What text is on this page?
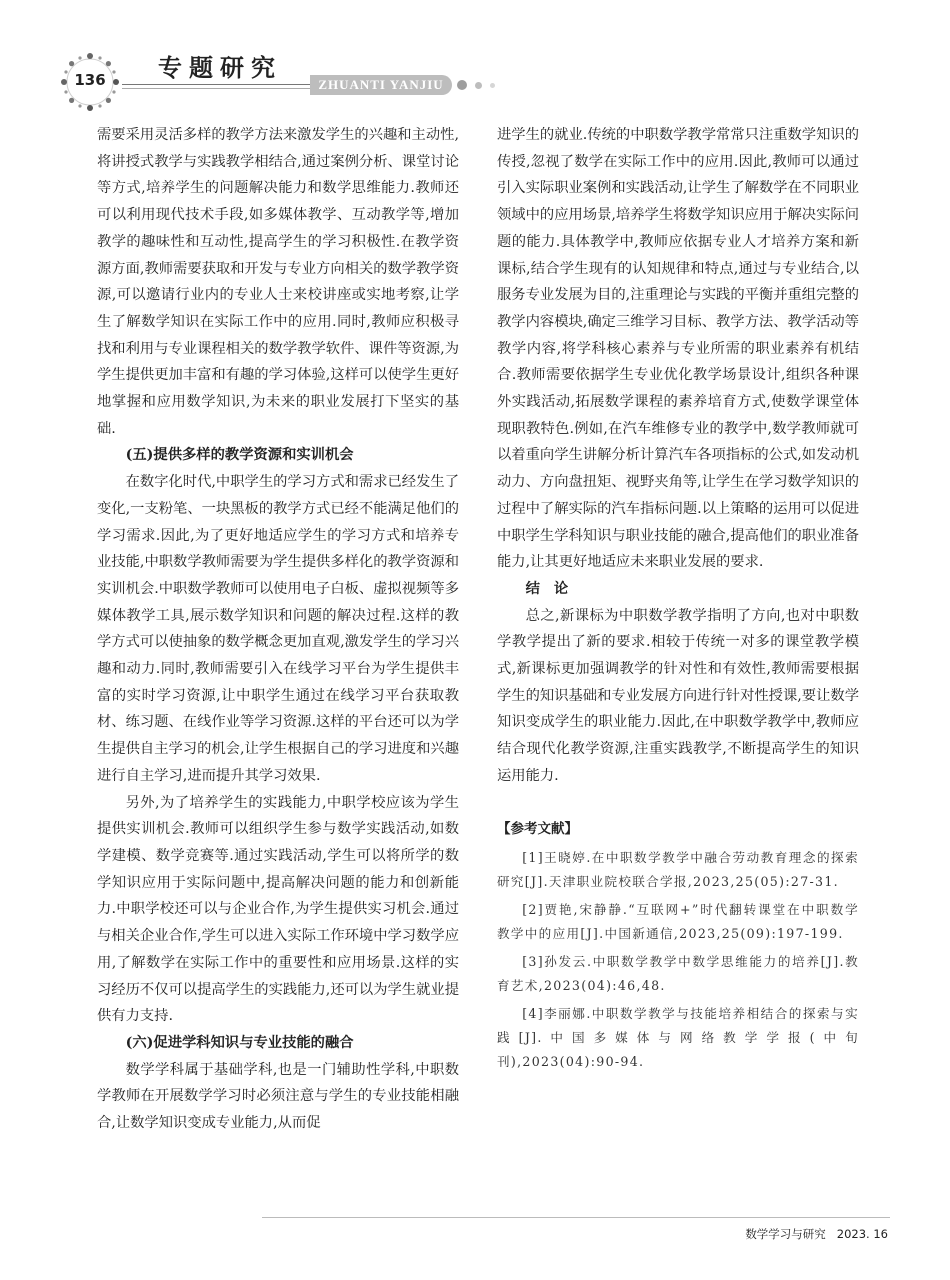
136	专题研究
ZHUANTI YANJIU

需要采用灵活多样的教学方法来激发学生的兴趣和主动性,将讲授式教学与实践教学相结合,通过案例分析、课堂讨论等方式,培养学生的问题解决能力和数学思维能力.教师还可以利用现代技术手段,如多媒体教学、互动教学等,增加教学的趣味性和互动性,提高学生的学习积极性.在教学资源方面,教师需要获取和开发与专业方向相关的数学教学资源,可以邀请行业内的专业人士来校讲座或实地考察,让学生了解数学知识在实际工作中的应用.同时,教师应积极寻找和利用与专业课程相关的数学教学软件、课件等资源,为学生提供更加丰富和有趣的学习体验,这样可以使学生更好地掌握和应用数学知识,为未来的职业发展打下坚实的基础.

(五)提供多样的教学资源和实训机会

在数字化时代,中职学生的学习方式和需求已经发生了变化,一支粉笔、一块黑板的教学方式已经不能满足他们的学习需求.因此,为了更好地适应学生的学习方式和培养专业技能,中职数学教师需要为学生提供多样化的教学资源和实训机会.中职数学教师可以使用电子白板、虚拟视频等多媒体教学工具,展示数学知识和问题的解决过程.这样的教学方式可以使抽象的数学概念更加直观,激发学生的学习兴趣和动力.同时,教师需要引入在线学习平台为学生提供丰富的实时学习资源,让中职学生通过在线学习平台获取教材、练习题、在线作业等学习资源.这样的平台还可以为学生提供自主学习的机会,让学生根据自己的学习进度和兴趣进行自主学习,进而提升其学习效果.

另外,为了培养学生的实践能力,中职学校应该为学生提供实训机会.教师可以组织学生参与数学实践活动,如数学建模、数学竞赛等.通过实践活动,学生可以将所学的数学知识应用于实际问题中,提高解决问题的能力和创新能力.中职学校还可以与企业合作,为学生提供实习机会.通过与相关企业合作,学生可以进入实际工作环境中学习数学应用,了解数学在实际工作中的重要性和应用场景.这样的实习经历不仅可以提高学生的实践能力,还可以为学生就业提供有力支持.

(六)促进学科知识与专业技能的融合

数学学科属于基础学科,也是一门辅助性学科,中职数学教师在开展数学学习时必须注意与学生的专业技能相融合,让数学知识变成专业能力,从而促

进学生的就业.传统的中职数学教学常常只注重数学知识的传授,忽视了数学在实际工作中的应用.因此,教师可以通过引入实际职业案例和实践活动,让学生了解数学在不同职业领域中的应用场景,培养学生将数学知识应用于解决实际问题的能力.具体教学中,教师应依据专业人才培养方案和新课标,结合学生现有的认知规律和特点,通过与专业结合,以服务专业发展为目的,注重理论与实践的平衡并重组完整的教学内容模块,确定三维学习目标、教学方法、教学活动等教学内容,将学科核心素养与专业所需的职业素养有机结合.教师需要依据学生专业优化教学场景设计,组织各种课外实践活动,拓展数学课程的素养培育方式,使数学课堂体现职教特色.例如,在汽车维修专业的教学中,数学教师就可以着重向学生讲解分析计算汽车各项指标的公式,如发动机动力、方向盘扭矩、视野夹角等,让学生在学习数学知识的过程中了解实际的汽车指标问题.以上策略的运用可以促进中职学生学科知识与职业技能的融合,提高他们的职业准备能力,让其更好地适应未来职业发展的要求.

结论

总之,新课标为中职数学教学指明了方向,也对中职数学教学提出了新的要求.相较于传统一对多的课堂教学模式,新课标更加强调教学的针对性和有效性,教师需要根据学生的知识基础和专业发展方向进行针对性授课,要让数学知识变成学生的职业能力.因此,在中职数学教学中,教师应结合现代化教学资源,注重实践教学,不断提高学生的知识运用能力.

【参考文献】

[1]王晓婷.在中职数学教学中融合劳动教育理念的探索研究[J].天津职业院校联合学报,2023,25(05):27-31.

[2]贾艳,宋静静.“互联网+”时代翻转课堂在中职数学教学中的应用[J].中国新通信,2023,25(09):197-199.

[3]孙发云.中职数学教学中数学思维能力的培养[J].教育艺术,2023(04):46,48.

[4]李丽娜.中职数学教学与技能培养相结合的探索与实践[J].中国多媒体与网络教学学报(中旬刊),2023(04):90-94.

数学学习与研究 2023. 16
